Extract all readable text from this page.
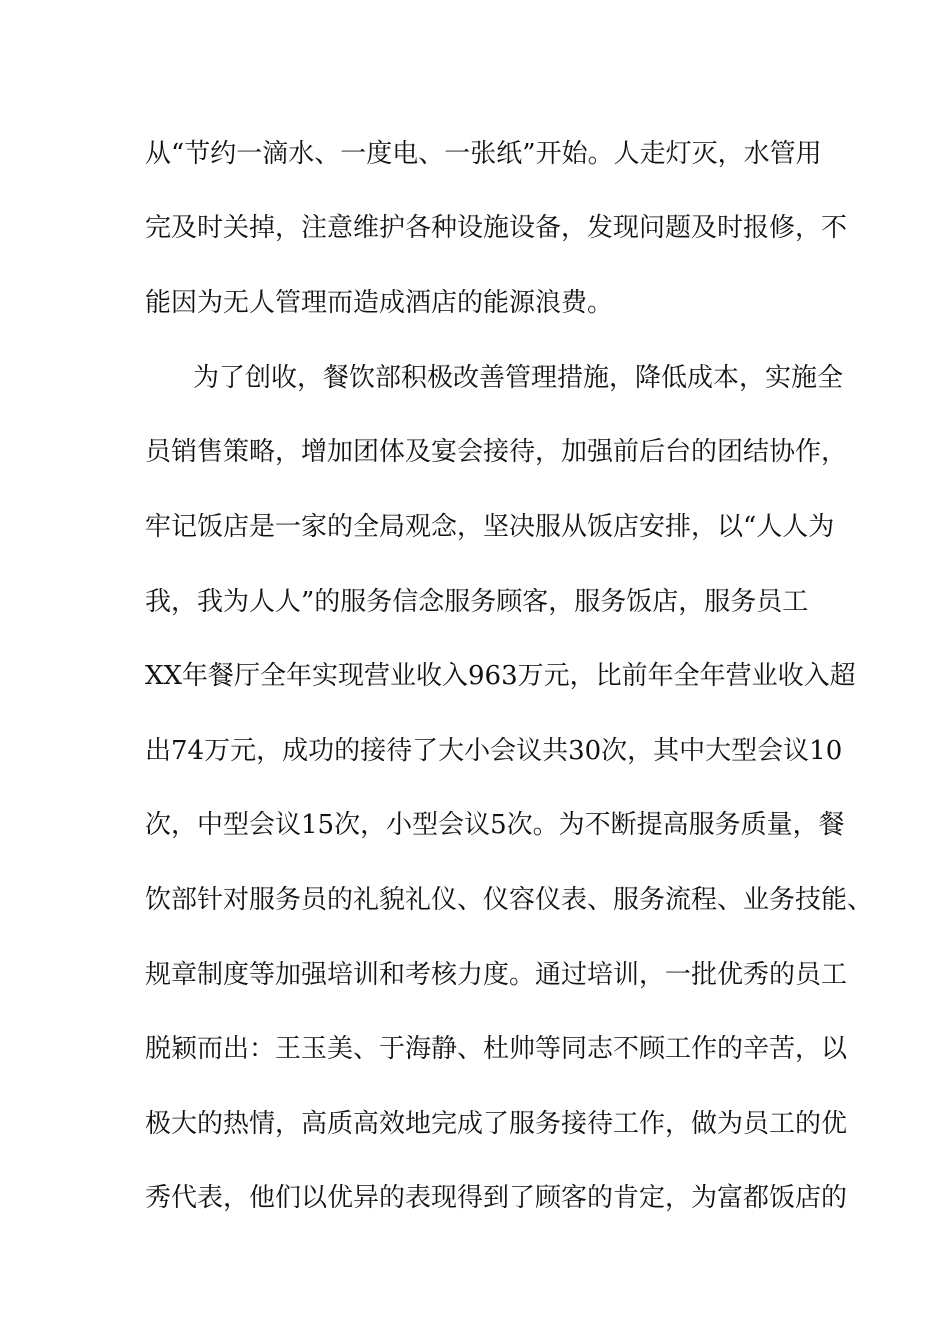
从“节约一滴水、一度电、一张纸”开始。人走灯灭，水管用
完及时关掉，注意维护各种设施设备，发现问题及时报修，不
能因为无人管理而造成酒店的能源浪费。
为了创收，餐饮部积极改善管理措施，降低成本，实施全
员销售策略，增加团体及宴会接待，加强前后台的团结协作，
牢记饭店是一家的全局观念，坚决服从饭店安排，以“人人为
我，我为人人”的服务信念服务顾客，服务饭店，服务员工
XX年餐厅全年实现营业收入963万元，比前年全年营业收入超
出74万元，成功的接待了大小会议共30次，其中大型会议10
次，中型会议15次，小型会议5次。为不断提高服务质量，餐
饮部针对服务员的礼貌礼仪、仪容仪表、服务流程、业务技能、
规章制度等加强培训和考核力度。通过培训，一批优秀的员工
脱颖而出：王玉美、于海静、杜帅等同志不顾工作的辛苦，以
极大的热情，高质高效地完成了服务接待工作，做为员工的优
秀代表，他们以优异的表现得到了顾客的肯定，为富都饭店的
